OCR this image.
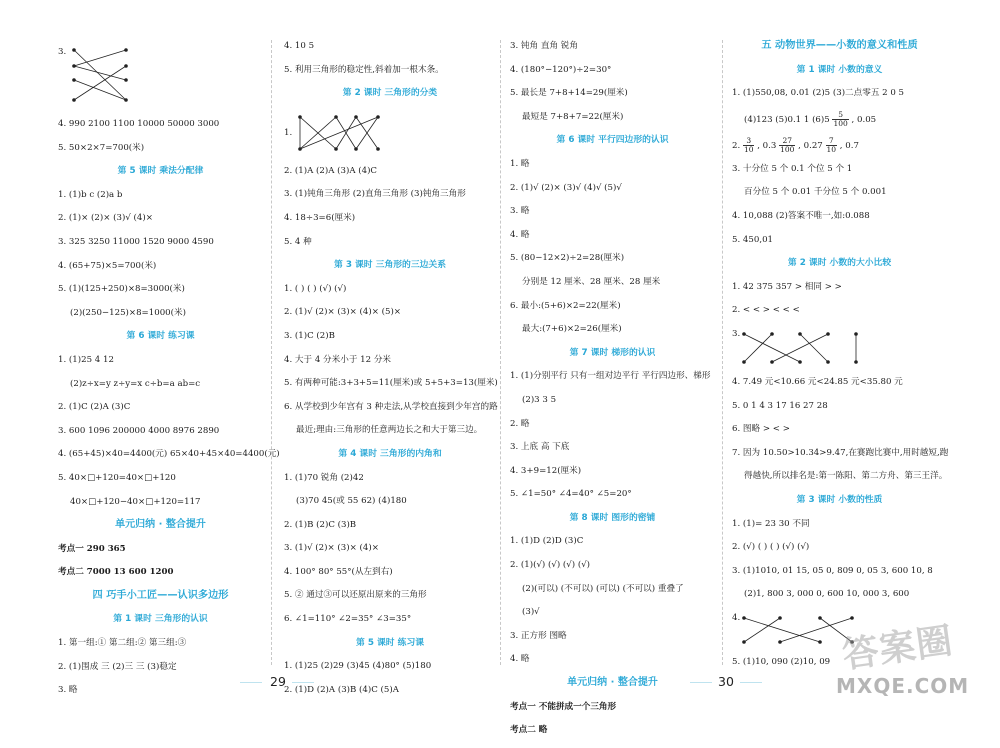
3.
4. 990 2100 1100 10000 50000 3000
5. 50×2×7=700(米)
第 5 课时 乘法分配律
1. (1)b c (2)a b
2. (1)× (2)× (3)√ (4)×
3. 325 3250 11000 1520 9000 4590
4. (65+75)×5=700(米)
5. (1)(125+250)×8=3000(米)
(2)(250−125)×8=1000(米)
第 6 课时 练习课
1. (1)25 4 12
(2)z÷x=y z÷y=x c÷b=a ab=c
2. (1)C (2)A (3)C
3. 600 1096 200000 4000 8976 2890
4. (65+45)×40=4400(元) 65×40+45×40=4400(元)
5. 40×□+120=40×□+120
40×□+120−40×□+120=117
单元归纳 · 整合提升
考点一 290 365
考点二 7000 13 600 1200
四 巧手小工匠——认识多边形
第 1 课时 三角形的认识
1. 第一组:① 第二组:② 第三组:③
2. (1)围成 三 (2)三 三 (3)稳定
3. 略
4. 10 5
5. 利用三角形的稳定性,斜着加一根木条。
第 2 课时 三角形的分类
1.
2. (1)A (2)A (3)A (4)C
3. (1)钝角三角形 (2)直角三角形 (3)钝角三角形
4. 18÷3=6(厘米)
5. 4 种
第 3 课时 三角形的三边关系
1. ( ) ( ) (√) (√)
2. (1)√ (2)× (3)× (4)× (5)×
3. (1)C (2)B
4. 大于 4 分米小于 12 分米
5. 有两种可能:3+3+5=11(厘米)或 5+5+3=13(厘米)
6. 从学校到少年宫有 3 种走法,从学校直接到少年宫的路
最近;理由:三角形的任意两边长之和大于第三边。
第 4 课时 三角形的内角和
1. (1)70 锐角 (2)42
(3)70 45(或 55 62) (4)180
2. (1)B (2)C (3)B
3. (1)√ (2)× (3)× (4)×
4. 100° 80° 55°(从左到右)
5. ② 通过③可以还原出原来的三角形
6. ∠1=110° ∠2=35° ∠3=35°
第 5 课时 练习课
1. (1)25 (2)29 (3)45 (4)80° (5)180
2. (1)D (2)A (3)B (4)C (5)A
3. 钝角 直角 锐角
4. (180°−120°)÷2=30°
5. 最长是 7+8+14=29(厘米)
最短是 7+8+7=22(厘米)
第 6 课时 平行四边形的认识
1. 略
2. (1)√ (2)× (3)√ (4)√ (5)√
3. 略
4. 略
5. (80−12×2)÷2=28(厘米)
分别是 12 厘米、28 厘米、28 厘米
6. 最小:(5+6)×2=22(厘米)
最大:(7+6)×2=26(厘米)
第 7 课时 梯形的认识
1. (1)分别平行 只有一组对边平行 平行四边形、梯形
(2)3 3 5
2. 略
3. 上底 高 下底
4. 3+9=12(厘米)
5. ∠1=50° ∠4=40° ∠5=20°
第 8 课时 图形的密铺
1. (1)D (2)D (3)C
2. (1)(√) (√) (√) (√)
(2)(可以) (不可以) (可以) (不可以) 重叠了
(3)√
3. 正方形 图略
4. 略
单元归纳 · 整合提升
考点一 不能拼成一个三角形
考点二 略
五 动物世界——小数的意义和性质
第 1 课时 小数的意义
1. (1)550,08, 0.01 (2)5 (3)二点零五 2 0 5
(4)123 (5)0.1 1 $(6)5 \frac{5}{100}$ , 0.05
2. $\frac{3}{10}$ , $0.3 \frac{27}{100}$ , $0.27 \frac{7}{10}$ , 0.7
3. 十分位 5 个 0.1 个位 5 个 1
百分位 5 个 0.01 千分位 5 个 0.001
4. 10,088 (2)答案不唯一,如:0.088
5. 450,01
第 2 课时 小数的大小比较
1. 42 375 357 > 相同 > >
2. < < > < < <
3.
4. 7.49 元<10.66 元<24.85 元<35.80 元
5. 0 1 4 3 17 16 27 28
6. 图略 > < >
7. 因为 10.50>10.34>9.47,在赛跑比赛中,用时越短,跑
得越快,所以排名是:第一陈阳、第二方舟、第三王洋。
第 3 课时 小数的性质
1. (1)= 23 30 不同
2. (√) ( ) ( ) (√) (√)
3. (1)1010, 01 15, 05 0, 809 0, 05 3, 600 10, 8
(2)1, 800 3, 000 0, 600 10, 000 3, 600
4.
5. (1)10, 090 (2)10, 09
29	30
答案圈
MXQE.COM
